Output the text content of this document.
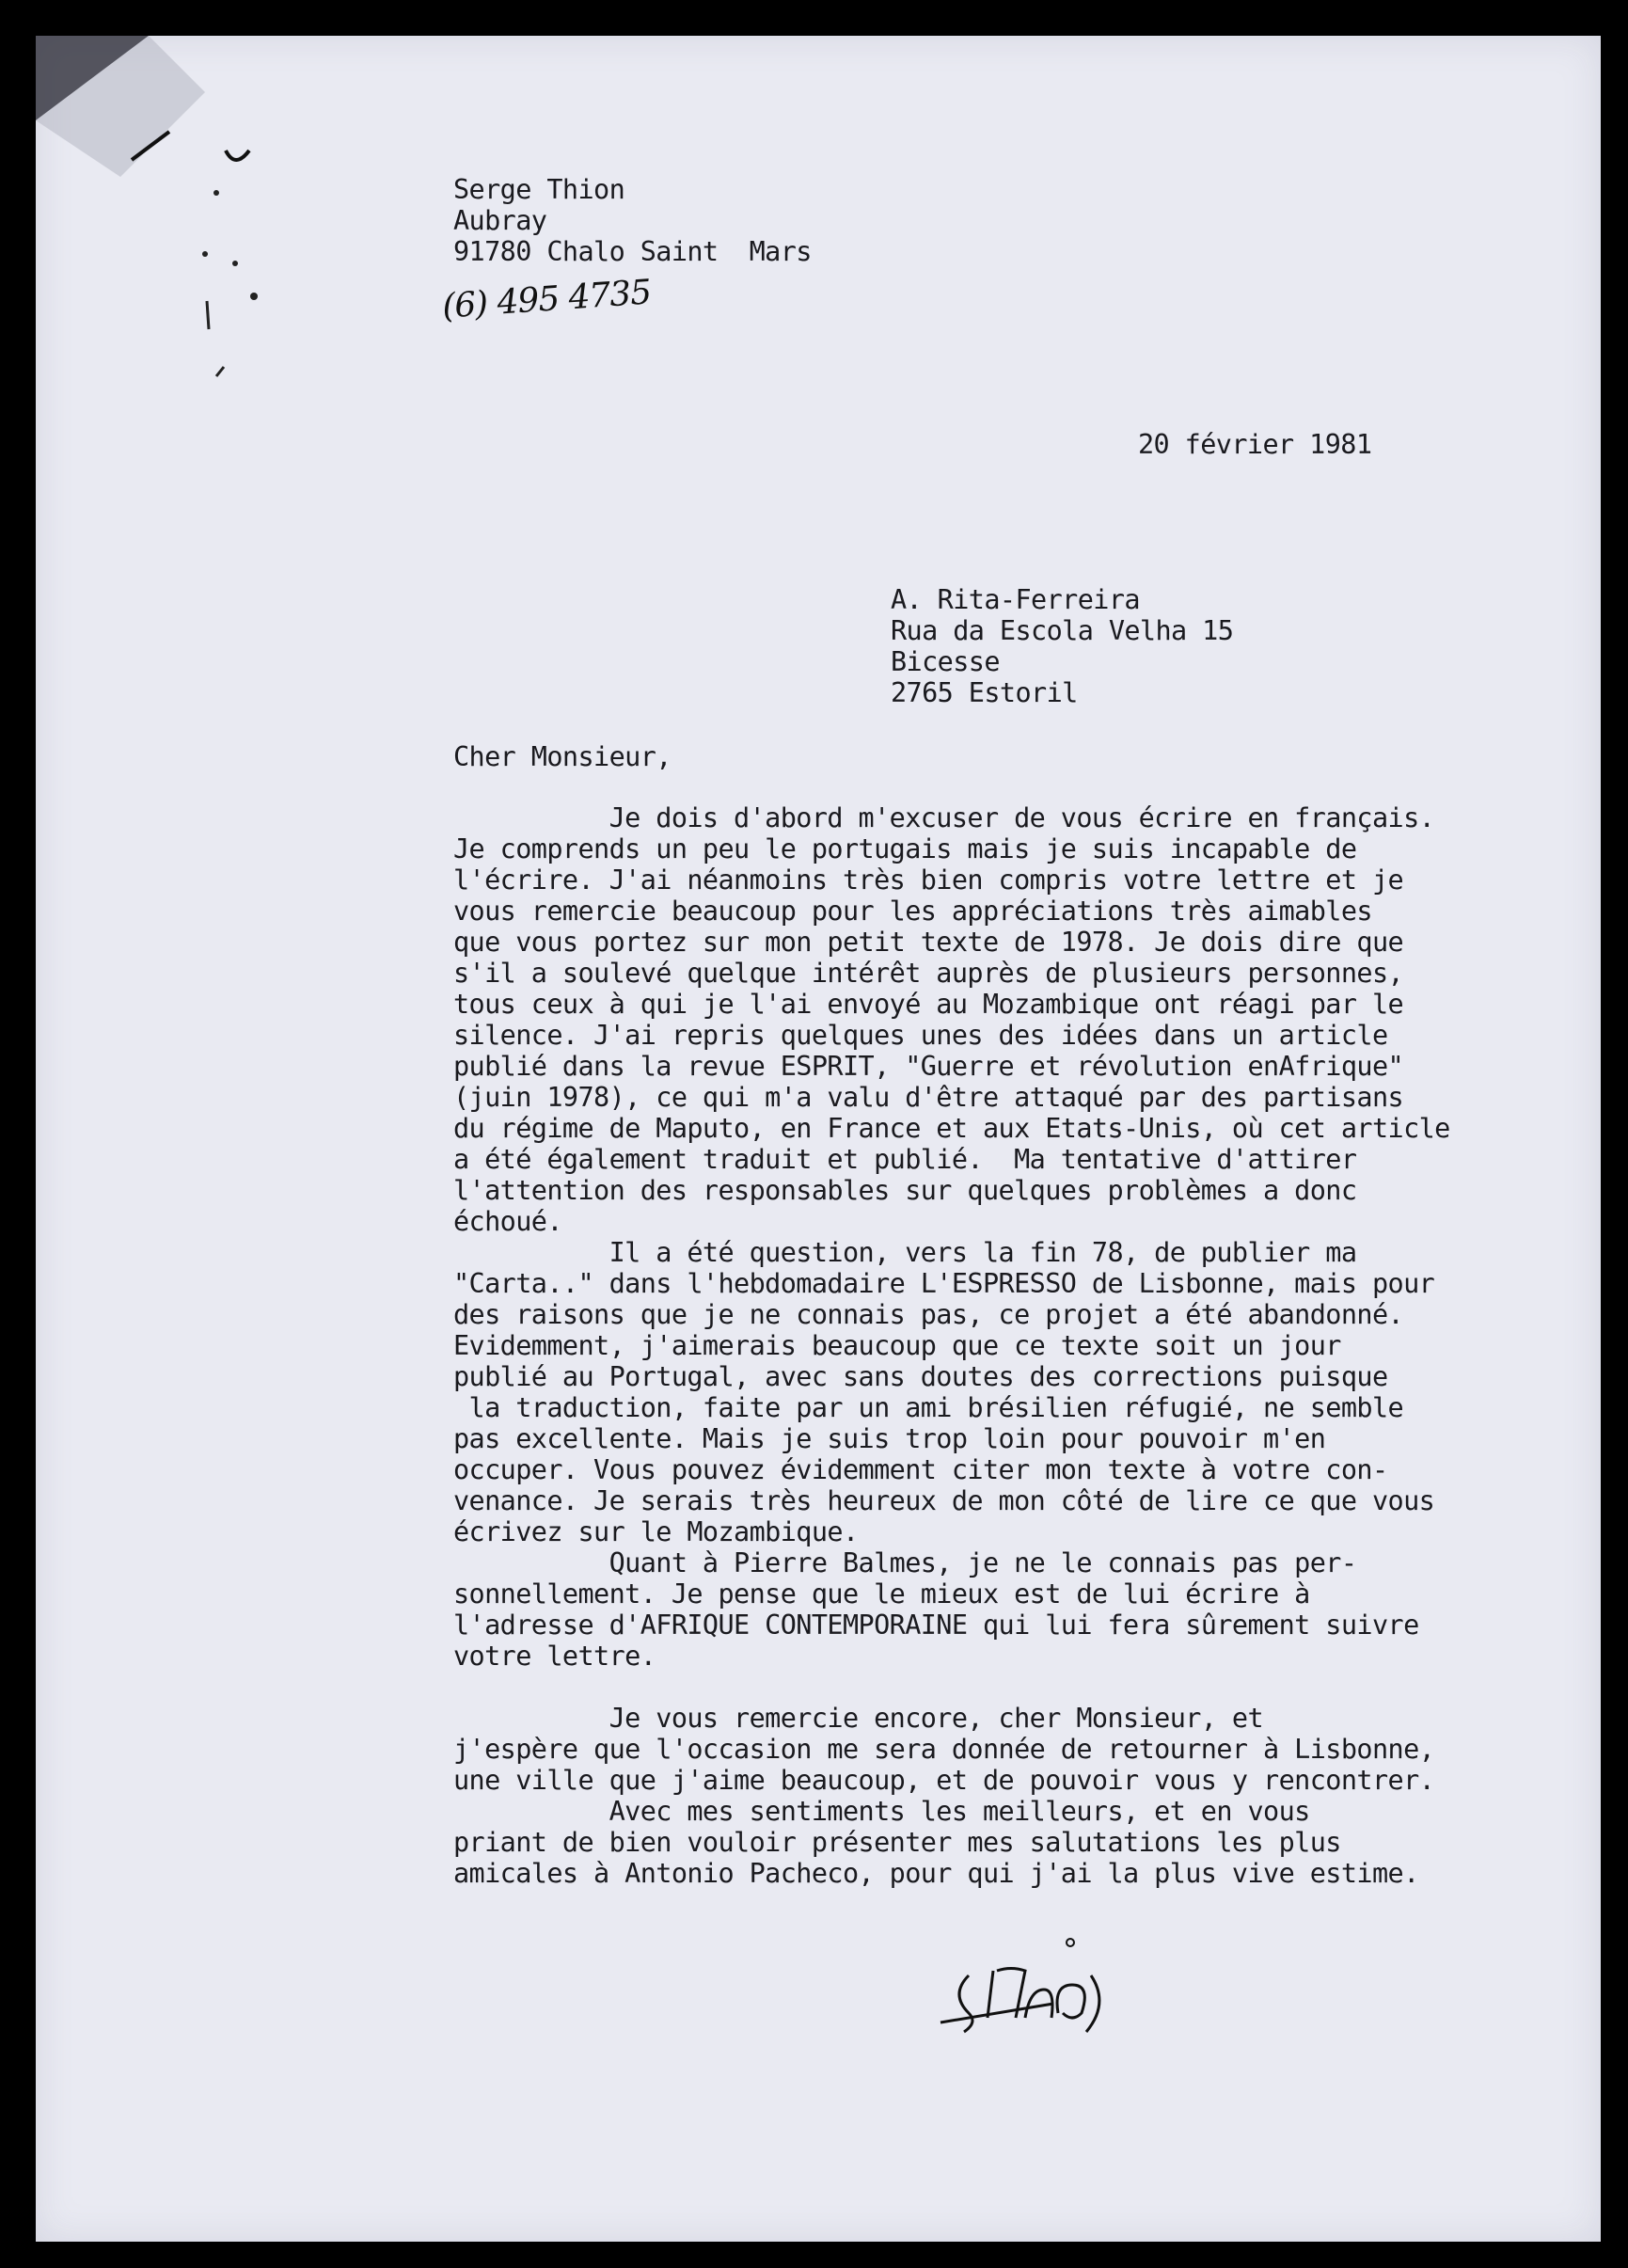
Serge Thion
Aubray
91780 Chalo Saint  Mars
(6) 495 4735
20 février 1981
A. Rita-Ferreira
Rua da Escola Velha 15
Bicesse
2765 Estoril
Cher Monsieur,
Je dois d'abord m'excuser de vous écrire en français.
Je comprends un peu le portugais mais je suis incapable de
l'écrire. J'ai néanmoins très bien compris votre lettre et je
vous remercie beaucoup pour les appréciations très aimables
que vous portez sur mon petit texte de 1978. Je dois dire que
s'il a soulevé quelque intérêt auprès de plusieurs personnes,
tous ceux à qui je l'ai envoyé au Mozambique ont réagi par le
silence. J'ai repris quelques unes des idées dans un article
publié dans la revue ESPRIT, "Guerre et révolution enAfrique"
(juin 1978), ce qui m'a valu d'être attaqué par des partisans
du régime de Maputo, en France et aux Etats-Unis, où cet article
a été également traduit et publié.  Ma tentative d'attirer
l'attention des responsables sur quelques problèmes a donc
échoué.
Il a été question, vers la fin 78, de publier ma
"Carta.." dans l'hebdomadaire L'ESPRESSO de Lisbonne, mais pour
des raisons que je ne connais pas, ce projet a été abandonné.
Evidemment, j'aimerais beaucoup que ce texte soit un jour
publié au Portugal, avec sans doutes des corrections puisque
la traduction, faite par un ami brésilien réfugié, ne semble
pas excellente. Mais je suis trop loin pour pouvoir m'en
occuper. Vous pouvez évidemment citer mon texte à votre con-
venance. Je serais très heureux de mon côté de lire ce que vous
écrivez sur le Mozambique.
Quant à Pierre Balmes, je ne le connais pas per-
sonnellement. Je pense que le mieux est de lui écrire à
l'adresse d'AFRIQUE CONTEMPORAINE qui lui fera sûrement suivre
votre lettre.

Je vous remercie encore, cher Monsieur, et
j'espère que l'occasion me sera donnée de retourner à Lisbonne,
une ville que j'aime beaucoup, et de pouvoir vous y rencontrer.
Avec mes sentiments les meilleurs, et en vous
priant de bien vouloir présenter mes salutations les plus
amicales à Antonio Pacheco, pour qui j'ai la plus vive estime.
